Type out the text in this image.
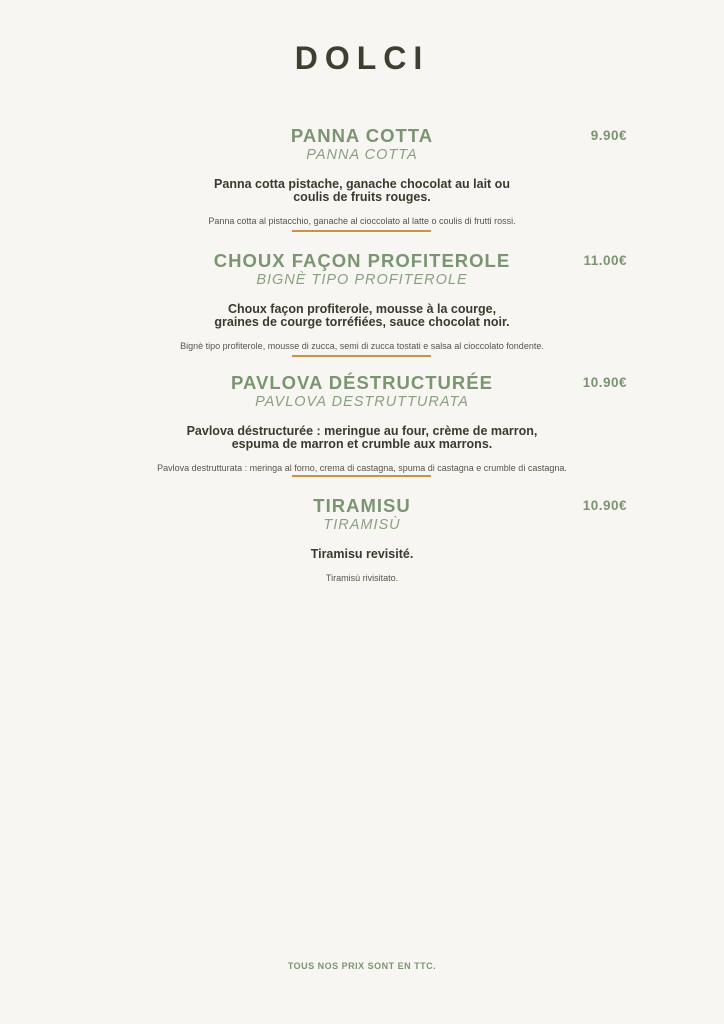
DOLCI
PANNA COTTA
PANNA COTTA
9.90€
Panna cotta pistache, ganache chocolat au lait ou
coulis de fruits rouges.
Panna cotta al pistacchio, ganache al cioccolato al latte o coulis di frutti rossi.
CHOUX FAÇON PROFITEROLE
BIGNÈ TIPO PROFITEROLE
11.00€
Choux façon profiterole, mousse à la courge,
graines de courge torréfiées, sauce chocolat noir.
Bignè tipo profiterole, mousse di zucca, semi di zucca tostati e salsa al cioccolato fondente.
PAVLOVA DÉSTRUCTURÉE
PAVLOVA DESTRUTTURATA
10.90€
Pavlova déstructurée : meringue au four, crème de marron,
espuma de marron et crumble aux marrons.
Pavlova destrutturata : meringa al forno, crema di castagna, spuma di castagna e crumble di castagna.
TIRAMISU
TIRAMISÙ
10.90€
Tiramisu revisité.
Tiramisù rivisitato.
TOUS NOS PRIX SONT EN TTC.
